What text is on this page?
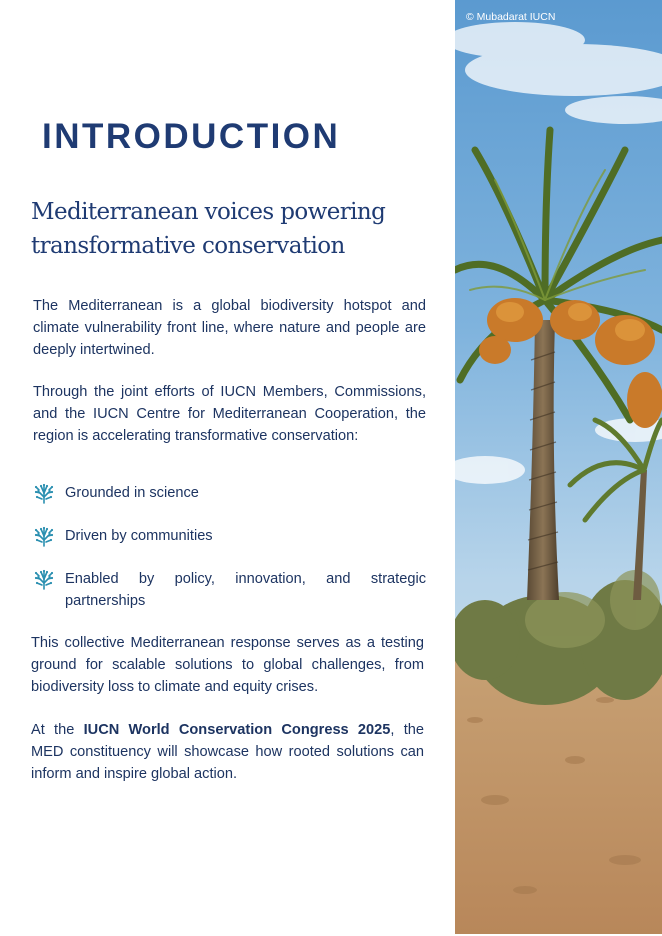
INTRODUCTION
Mediterranean voices powering transformative conservation

The Mediterranean is a global biodiversity hotspot and climate vulnerability front line, where nature and people are deeply intertwined.

Through the joint efforts of IUCN Members, Commissions, and the IUCN Centre for Mediterranean Cooperation, the region is accelerating transformative conservation:

Grounded in science
Driven by communities
Enabled by policy, innovation, and strategic partnerships

This collective Mediterranean response serves as a testing ground for scalable solutions to global challenges, from biodiversity loss to climate and equity crises.

At the IUCN World Conservation Congress 2025, the MED constituency will showcase how rooted solutions can inform and inspire global action.

© Mubadarat IUCN
